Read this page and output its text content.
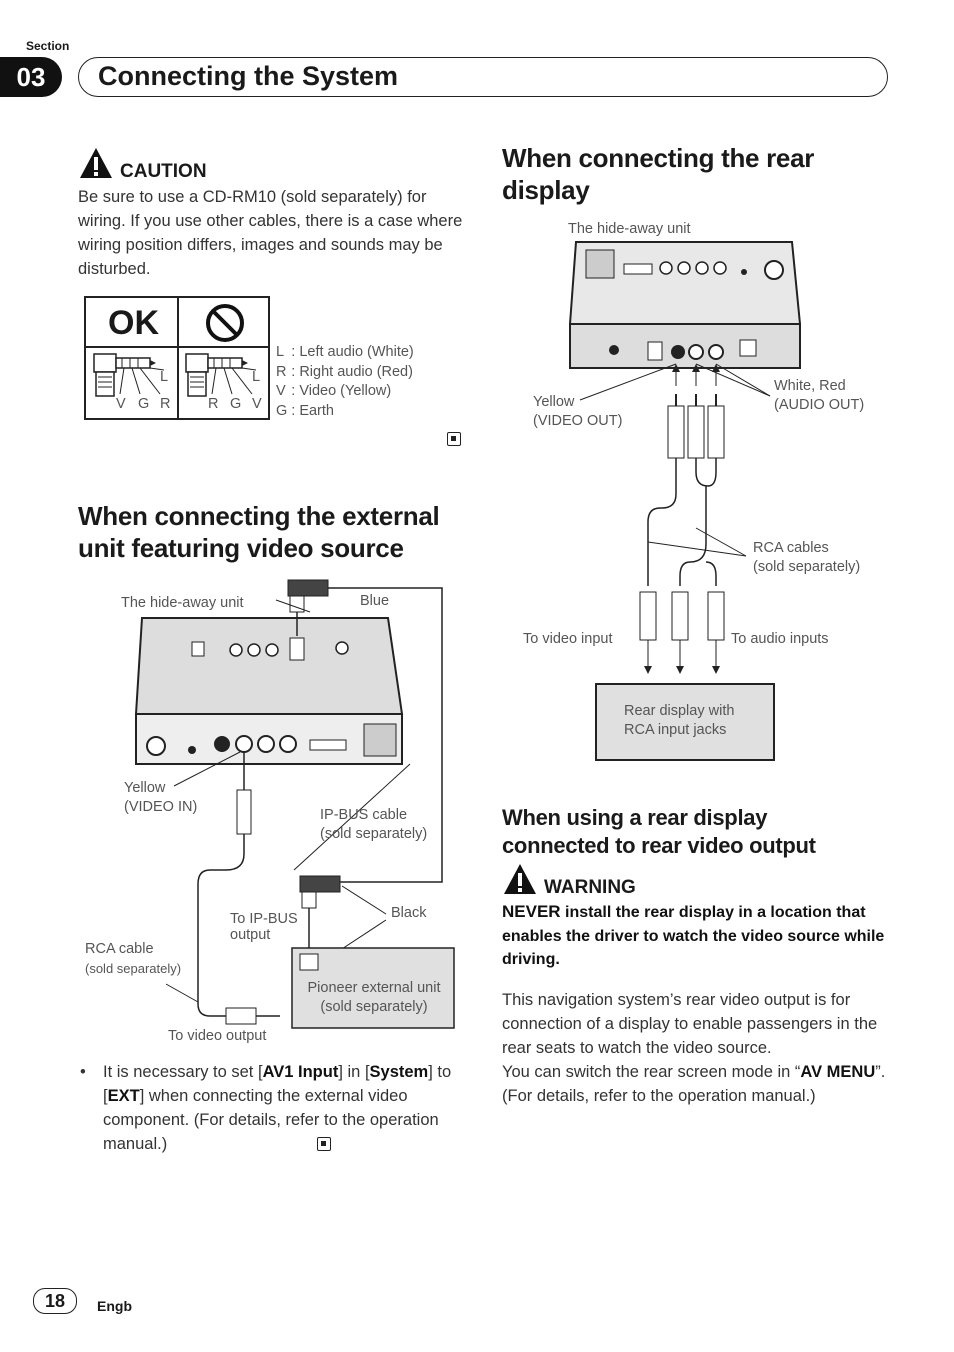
Section
03	Connecting the System
CAUTION
Be sure to use a CD-RM10 (sold separately) for wiring. If you use other cables, there is a case where wiring position differs, images and sounds may be disturbed.
OK
V G R
L
R G V
L
L	:	Left audio (White)
R	:	Right audio (Red)
V	:	Video (Yellow)
G	:	Earth
When connecting the external
unit featuring video source
The hide-away unit	Blue
Yellow
(VIDEO IN)	IP-BUS cable
(sold separately)
Black
To IP-BUS
output
RCA cable
(sold separately)
Pioneer external unit
(sold separately)
To video output
• It is necessary to set [AV1 Input] in [System] to [EXT] when connecting the external video component. (For details, refer to the operation manual.)
When connecting the rear
display
The hide-away unit
Yellow
(VIDEO OUT)
White, Red
(AUDIO OUT)
RCA cables
(sold separately)
To video input	To audio inputs
Rear display with
RCA input jacks
When using a rear display
connected to rear video output
WARNING
NEVER install the rear display in a location that enables the driver to watch the video source while driving.
This navigation system’s rear video output is for connection of a display to enable passengers in the rear seats to watch the video source.
You can switch the rear screen mode in “AV MENU”. (For details, refer to the operation manual.)
18	Engb
